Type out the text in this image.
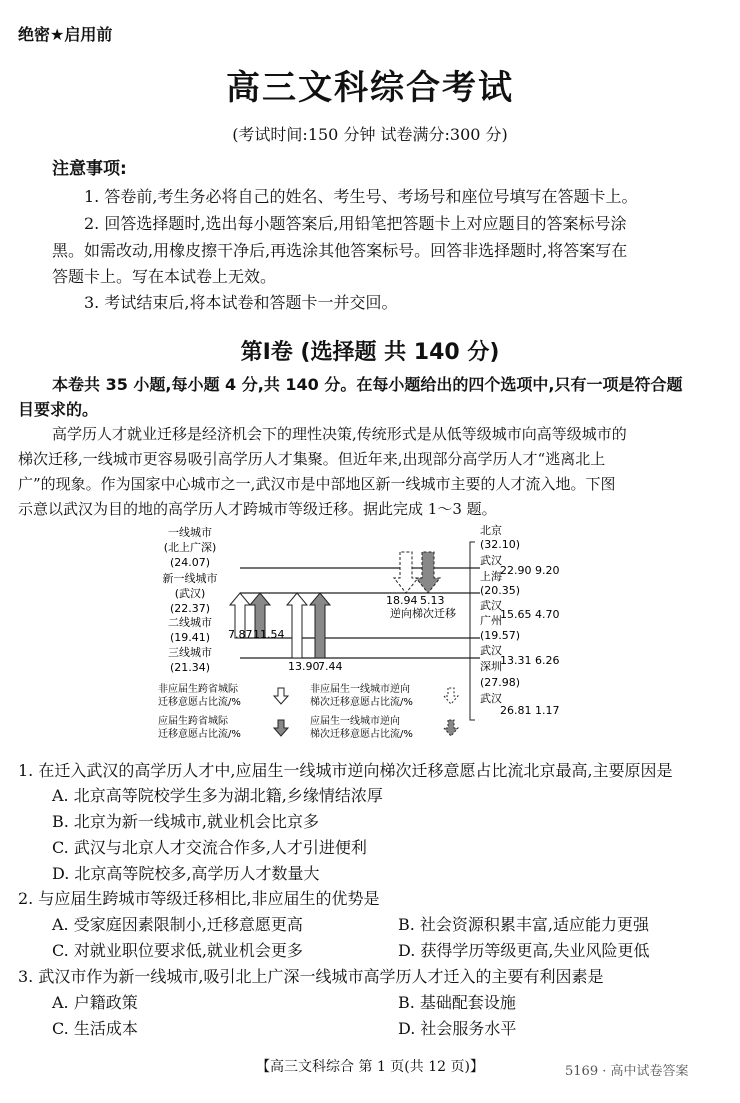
绝密★启用前
高三文科综合考试
(考试时间:150 分钟 试卷满分:300 分)
注意事项:
1. 答卷前,考生务必将自己的姓名、考生号、考场号和座位号填写在答题卡上。
2. 回答选择题时,选出每小题答案后,用铅笔把答题卡上对应题目的答案标号涂
黑。如需改动,用橡皮擦干净后,再选涂其他答案标号。回答非选择题时,将答案写在
答题卡上。写在本试卷上无效。
3. 考试结束后,将本试卷和答题卡一并交回。
第Ⅰ卷 (选择题 共 140 分)
本卷共 35 小题,每小题 4 分,共 140 分。在每小题给出的四个选项中,只有一项是符合题
目要求的。
高学历人才就业迁移是经济机会下的理性决策,传统形式是从低等级城市向高等级城市的
梯次迁移,一线城市更容易吸引高学历人才集聚。但近年来,出现部分高学历人才“逃离北上
广”的现象。作为国家中心城市之一,武汉市是中部地区新一线城市主要的人才流入地。下图
示意以武汉为目的地的高学历人才跨城市等级迁移。据此完成 1～3 题。
一线城市
(北上广深)
(24.07)
新一线城市
(武汉)
(22.37)
二线城市
(19.41)
三线城市
(21.34)
7.87 11.54
13.90
7.44
18.94 5.13
逆向梯次迁移
北京
(32.10)
武汉
22.90 9.20
上海
(20.35)
武汉
15.65 4.70
广州
(19.57)
武汉
13.31 6.26
深圳
(27.98)
武汉
26.81 1.17
非应届生跨省城际
迁移意愿占比流/%
应届生跨省城际
迁移意愿占比流/%
非应届生一线城市逆向
梯次迁移意愿占比流/%
应届生一线城市逆向
梯次迁移意愿占比流/%
1. 在迁入武汉的高学历人才中,应届生一线城市逆向梯次迁移意愿占比流北京最高,主要原因是
A. 北京高等院校学生多为湖北籍,乡缘情结浓厚
B. 北京为新一线城市,就业机会比京多
C. 武汉与北京人才交流合作多,人才引进便利
D. 北京高等院校多,高学历人才数量大
2. 与应届生跨城市等级迁移相比,非应届生的优势是
A. 受家庭因素限制小,迁移意愿更高	B. 社会资源积累丰富,适应能力更强
C. 对就业职位要求低,就业机会更多	D. 获得学历等级更高,失业风险更低
3. 武汉市作为新一线城市,吸引北上广深一线城市高学历人才迁入的主要有利因素是
A. 户籍政策	B. 基础配套设施
C. 生活成本	D. 社会服务水平
【高三文科综合 第 1 页(共 12 页)】	5169 · 高中试卷答案
